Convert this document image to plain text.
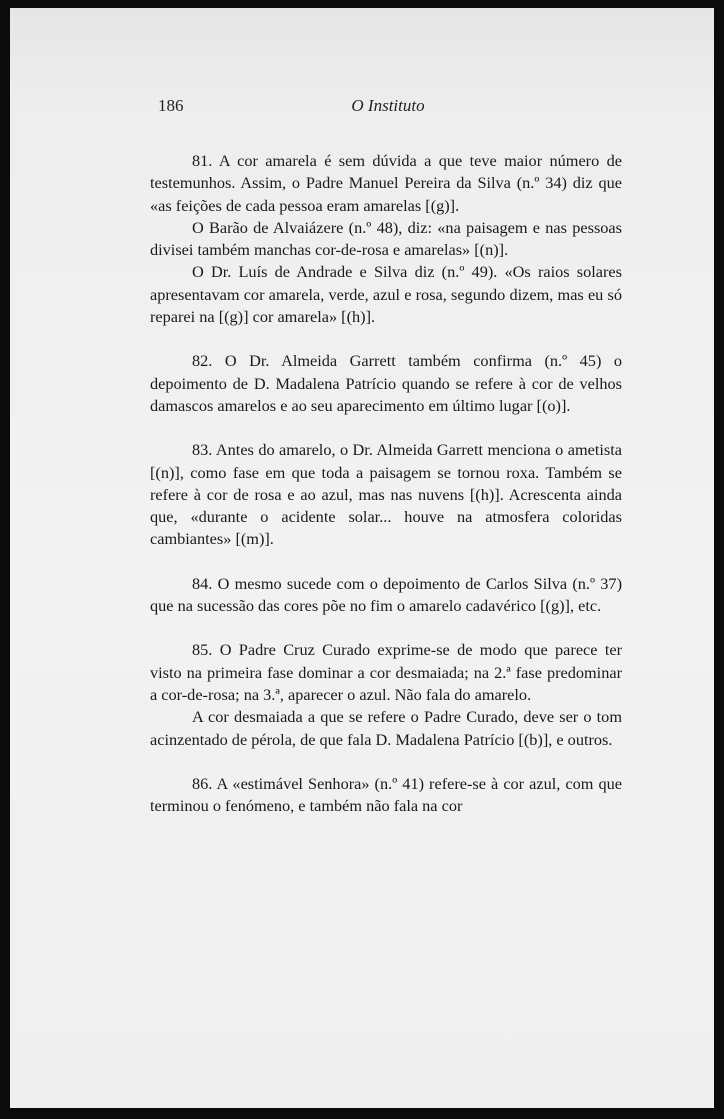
186	O Instituto

81. A cor amarela é sem dúvida a que teve maior número de testemunhos. Assim, o Padre Manuel Pereira da Silva (n.º 34) diz que «as feições de cada pessoa eram amarelas [(g)].

O Barão de Alvaiázere (n.º 48), diz: «na paisagem e nas pessoas divisei também manchas cor-de-rosa e amarelas» [(n)].

O Dr. Luís de Andrade e Silva diz (n.º 49). «Os raios solares apresentavam cor amarela, verde, azul e rosa, segundo dizem, mas eu só reparei na [(g)] cor amarela» [(h)].

82. O Dr. Almeida Garrett também confirma (n.º 45) o depoimento de D. Madalena Patrício quando se refere à cor de velhos damascos amarelos e ao seu aparecimento em último lugar [(o)].

83. Antes do amarelo, o Dr. Almeida Garrett menciona o ametista [(n)], como fase em que toda a paisagem se tornou roxa. Também se refere à cor de rosa e ao azul, mas nas nuvens [(h)]. Acrescenta ainda que, «durante o acidente solar... houve na atmosfera coloridas cambiantes» [(m)].

84. O mesmo sucede com o depoimento de Carlos Silva (n.º 37) que na sucessão das cores põe no fim o amarelo cadavérico [(g)], etc.

85. O Padre Cruz Curado exprime-se de modo que parece ter visto na primeira fase dominar a cor desmaiada; na 2.ª fase predominar a cor-de-rosa; na 3.ª, aparecer o azul. Não fala do amarelo.

A cor desmaiada a que se refere o Padre Curado, deve ser o tom acinzentado de pérola, de que fala D. Madalena Patrício [(b)], e outros.

86. A «estimável Senhora» (n.º 41) refere-se à cor azul, com que terminou o fenómeno, e também não fala na cor
